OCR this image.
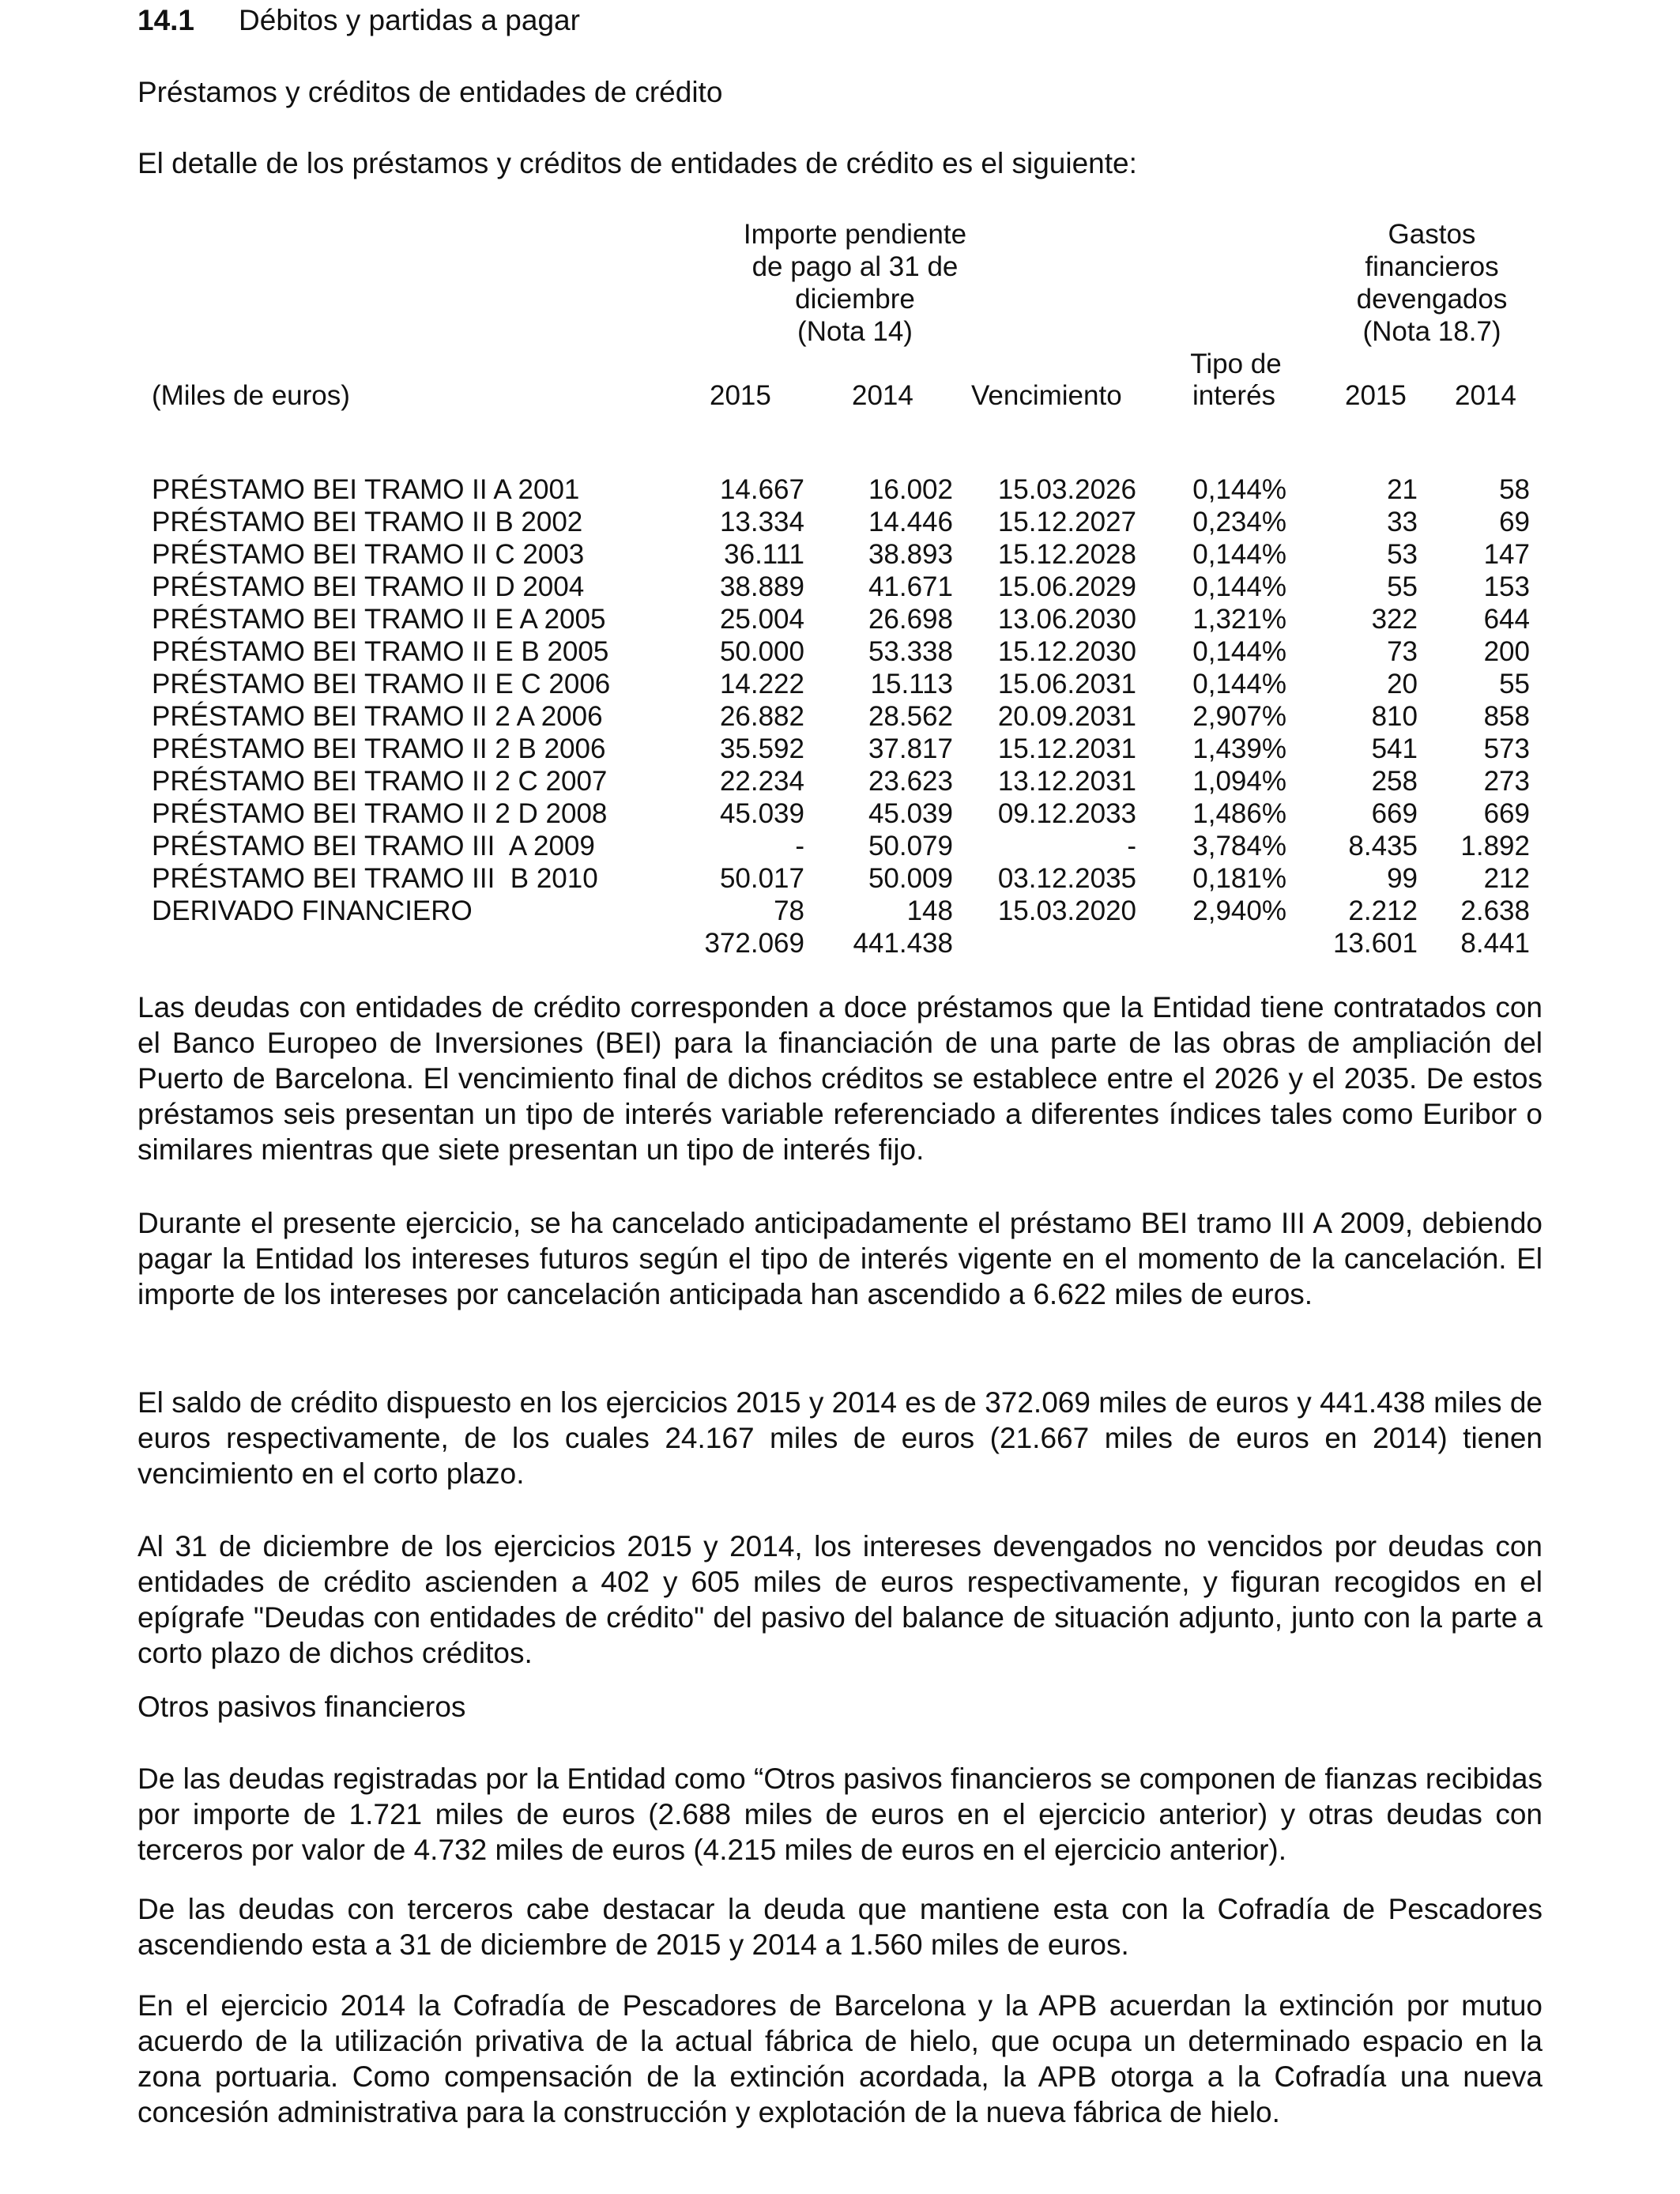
14.1 Débitos y partidas a pagar
Préstamos y créditos de entidades de crédito
El detalle de los préstamos y créditos de entidades de crédito es el siguiente:
Importe pendiente
de pago al 31 de
diciembre
(Nota 14)
Gastos
financieros
devengados
(Nota 18.7)
Tipo de
(Miles de euros)	2015	2014 Vencimiento	interés	2015 2014
PRÉSTAMO BEI TRAMO II A 2001	14.667 16.002 15.03.2026 0,144%	21	58
PRÉSTAMO BEI TRAMO II B 2002	13.334 14.446 15.12.2027 0,234%	33	69
PRÉSTAMO BEI TRAMO II C 2003	36.111 38.893 15.12.2028 0,144%	53 147
PRÉSTAMO BEI TRAMO II D 2004	38.889 41.671 15.06.2029 0,144%	55 153
PRÉSTAMO BEI TRAMO II E A 2005	25.004 26.698 13.06.2030 1,321%	322 644
PRÉSTAMO BEI TRAMO II E B 2005	50.000 53.338 15.12.2030 0,144%	73 200
PRÉSTAMO BEI TRAMO II E C 2006	14.222 15.113 15.06.2031 0,144%	20	55
PRÉSTAMO BEI TRAMO II 2 A 2006	26.882 28.562 20.09.2031 2,907%	810 858
PRÉSTAMO BEI TRAMO II 2 B 2006	35.592 37.817 15.12.2031 1,439%	541 573
PRÉSTAMO BEI TRAMO II 2 C 2007	22.234 23.623 13.12.2031 1,094%	258 273
PRÉSTAMO BEI TRAMO II 2 D 2008	45.039 45.039 09.12.2033 1,486%	669 669
PRÉSTAMO BEI TRAMO III  A 2009	- 50.079	- 3,784% 8.435 1.892
PRÉSTAMO BEI TRAMO III  B 2010	50.017 50.009 03.12.2035 0,181%	99 212
DERIVADO FINANCIERO	78	148 15.03.2020 2,940% 2.212 2.638
372.069 441.438	13.601 8.441
Las deudas con entidades de crédito corresponden a doce préstamos que la Entidad tiene contratados con el Banco Europeo de Inversiones (BEI) para la financiación de una parte de las obras de ampliación del Puerto de Barcelona. El vencimiento final de dichos créditos se establece entre el 2026 y el 2035. De estos préstamos seis presentan un tipo de interés variable referenciado a diferentes índices tales como Euribor o similares mientras que siete presentan un tipo de interés fijo.
Durante el presente ejercicio, se ha cancelado anticipadamente el préstamo BEI tramo III A 2009, debiendo pagar la Entidad los intereses futuros según el tipo de interés vigente en el momento de la cancelación. El importe de los intereses por cancelación anticipada han ascendido a 6.622 miles de euros.
El saldo de crédito dispuesto en los ejercicios 2015 y 2014 es de 372.069 miles de euros y 441.438 miles de euros respectivamente, de los cuales 24.167 miles de euros (21.667 miles de euros en 2014) tienen vencimiento en el corto plazo.
Al 31 de diciembre de los ejercicios 2015 y 2014, los intereses devengados no vencidos por deudas con entidades de crédito ascienden a 402 y 605 miles de euros respectivamente, y figuran recogidos en el epígrafe "Deudas con entidades de crédito" del pasivo del balance de situación adjunto, junto con la parte a corto plazo de dichos créditos.
Otros pasivos financieros
De las deudas registradas por la Entidad como “Otros pasivos financieros se componen de fianzas recibidas por importe de 1.721 miles de euros (2.688 miles de euros en el ejercicio anterior) y otras deudas con terceros por valor de 4.732 miles de euros (4.215 miles de euros en el ejercicio anterior).
De las deudas con terceros cabe destacar la deuda que mantiene esta con la Cofradía de Pescadores ascendiendo esta a 31 de diciembre de 2015 y 2014 a 1.560 miles de euros.
En el ejercicio 2014 la Cofradía de Pescadores de Barcelona y la APB acuerdan la extinción por mutuo acuerdo de la utilización privativa de la actual fábrica de hielo, que ocupa un determinado espacio en la zona portuaria. Como compensación de la extinción acordada, la APB otorga a la Cofradía una nueva concesión administrativa para la construcción y explotación de la nueva fábrica de hielo.
